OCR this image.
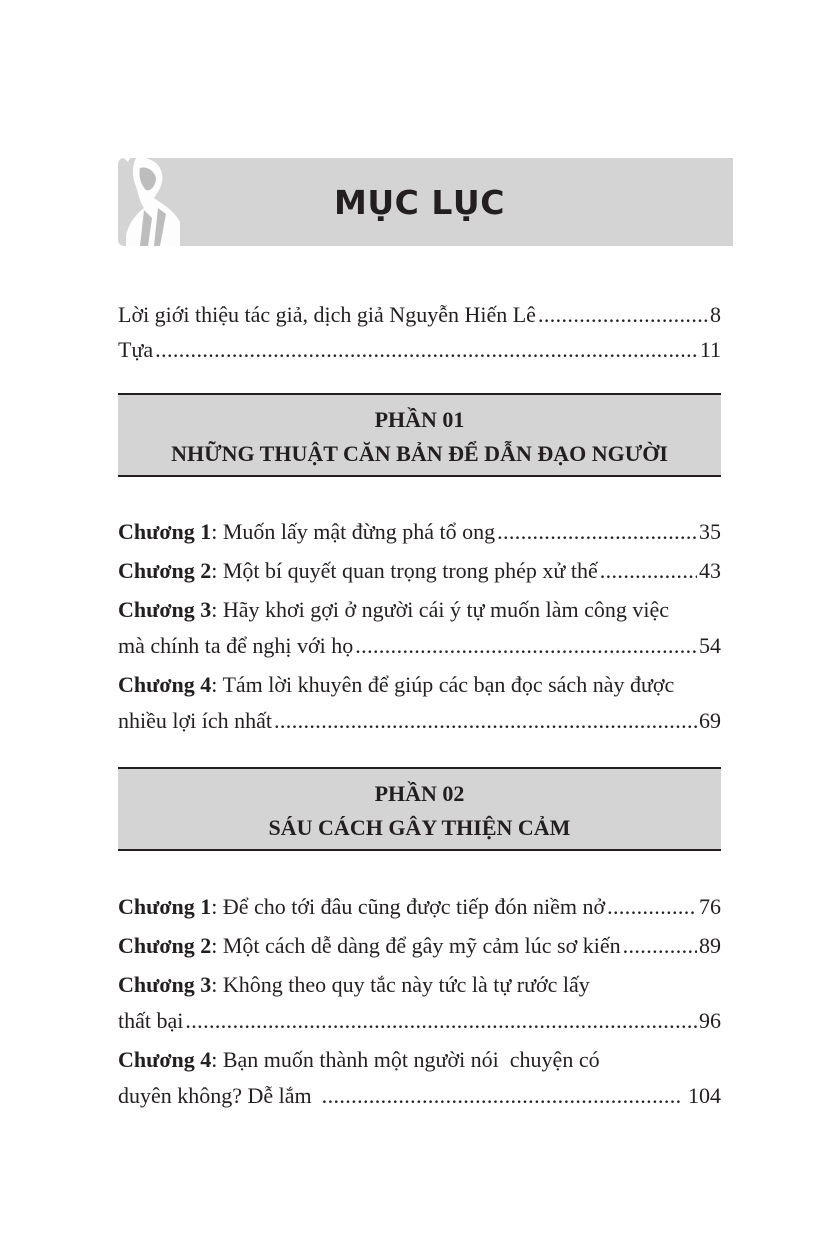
MỤC LỤC
Lời giới thiệu tác giả, dịch giả Nguyễn Hiến Lê .....	8
Tựa .....	11
PHẦN 01
NHỮNG THUẬT CĂN BẢN ĐỂ DẪN ĐẠO NGƯỜI
Chương 1 : Muốn lấy mật đừng phá tổ ong .....	35
Chương 2 : Một bí quyết quan trọng trong phép xử thế .....	43
Chương 3 : Hãy khơi gợi ở người cái ý tự muốn làm công việc
mà chính ta để nghị với họ .....	54
Chương 4 : Tám lời khuyên để giúp các bạn đọc sách này được
nhiều lợi ích nhất .....	69
PHẦN 02
SÁU CÁCH GÂY THIỆN CẢM
Chương 1 : Để cho tới đâu cũng được tiếp đón niềm nở .....	76
Chương 2 : Một cách dễ dàng để gây mỹ cảm lúc sơ kiến .....	89
Chương 3 : Không theo quy tắc này tức là tự rước lấy
thất bại .....	96
Chương 4 : Bạn muốn thành một người nói  chuyện có
duyên không? Dễ lắm .....	104
